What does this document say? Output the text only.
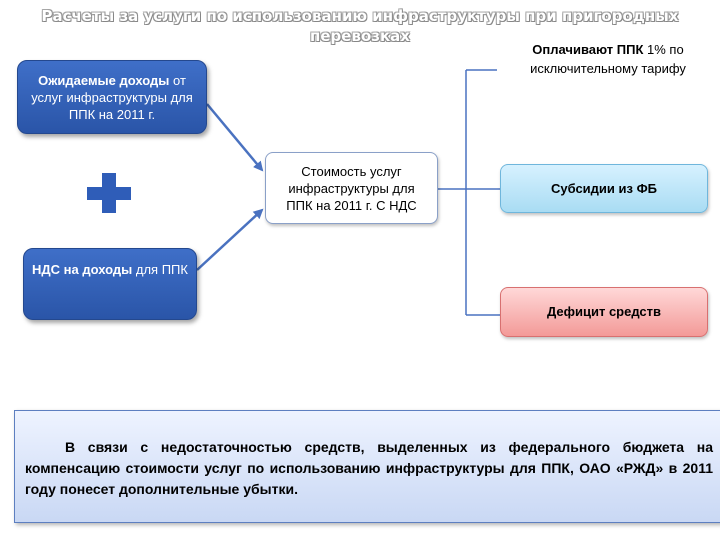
Расчеты за услуги по использованию инфраструктуры при пригородных перевозках
Ожидаемые доходы от услуг инфраструктуры для ППК на 2011 г.
НДС на доходы для ППК
Стоимость услуг инфраструктуры для ППК на 2011 г. С НДС
Оплачивают ППК 1% по исключительному тарифу
Субсидии из ФБ
Дефицит средств
В связи с недостаточностью средств, выделенных из федерального бюджета на компенсацию стоимости услуг по использованию инфраструктуры для ППК, ОАО «РЖД» в 2011 году понесет дополнительные убытки.
